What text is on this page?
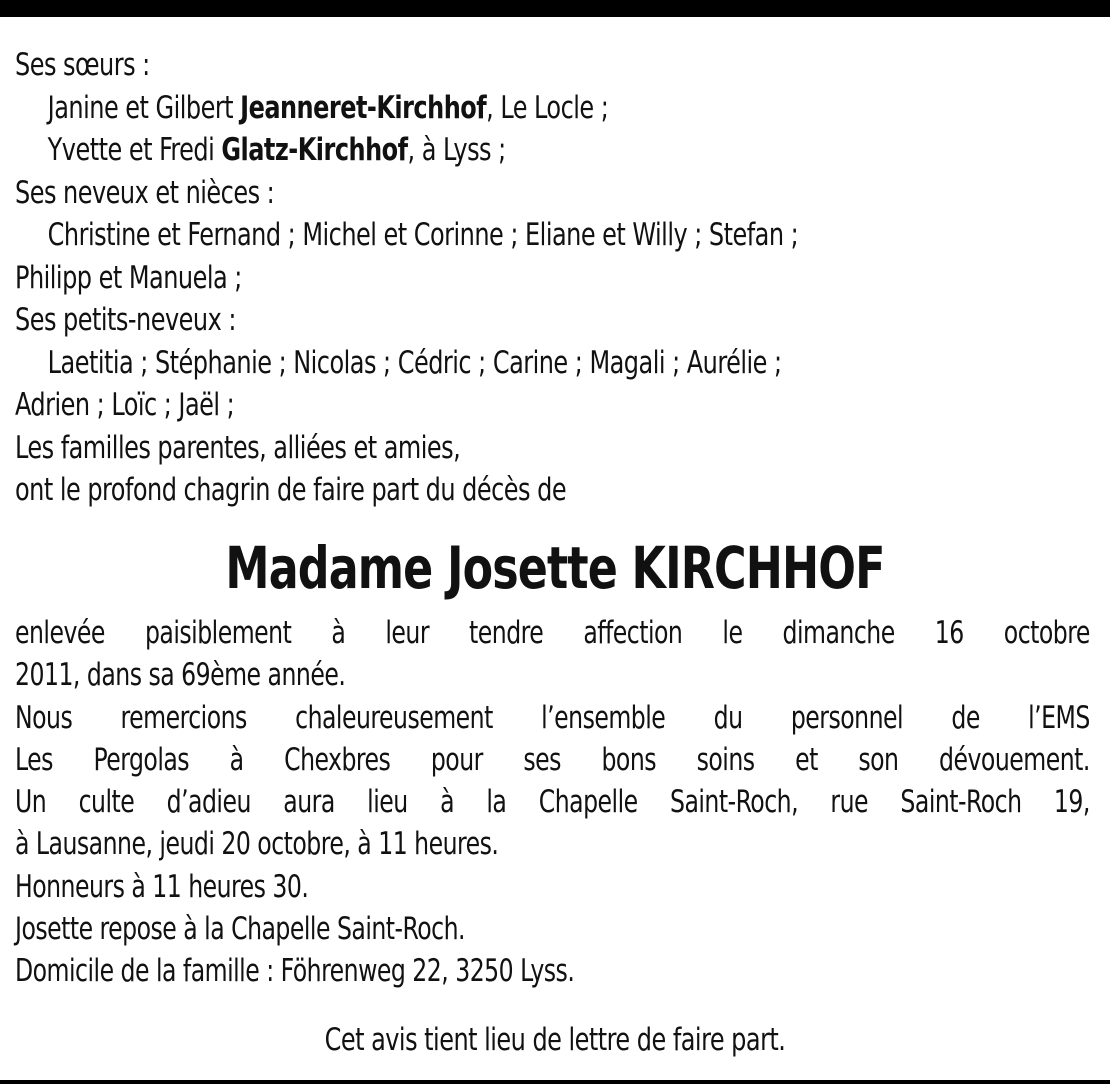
Ses sœurs :
Janine et Gilbert Jeanneret-Kirchhof, Le Locle ;
Yvette et Fredi Glatz-Kirchhof, à Lyss ;
Ses neveux et nièces :
Christine et Fernand ; Michel et Corinne ; Eliane et Willy ; Stefan ;
Philipp et Manuela ;
Ses petits-neveux :
Laetitia ; Stéphanie ; Nicolas ; Cédric ; Carine ; Magali ; Aurélie ;
Adrien ; Loïc ; Jaël ;
Les familles parentes, alliées et amies,
ont le profond chagrin de faire part du décès de
Madame Josette KIRCHHOF
enlevée paisiblement à leur tendre affection le dimanche 16 octobre
2011, dans sa 69ème année.
Nous remercions chaleureusement l’ensemble du personnel de l’EMS
Les Pergolas à Chexbres pour ses bons soins et son dévouement.
Un culte d’adieu aura lieu à la Chapelle Saint-Roch, rue Saint-Roch 19,
à Lausanne, jeudi 20 octobre, à 11 heures.
Honneurs à 11 heures 30.
Josette repose à la Chapelle Saint-Roch.
Domicile de la famille : Föhrenweg 22, 3250 Lyss.
Cet avis tient lieu de lettre de faire part.
